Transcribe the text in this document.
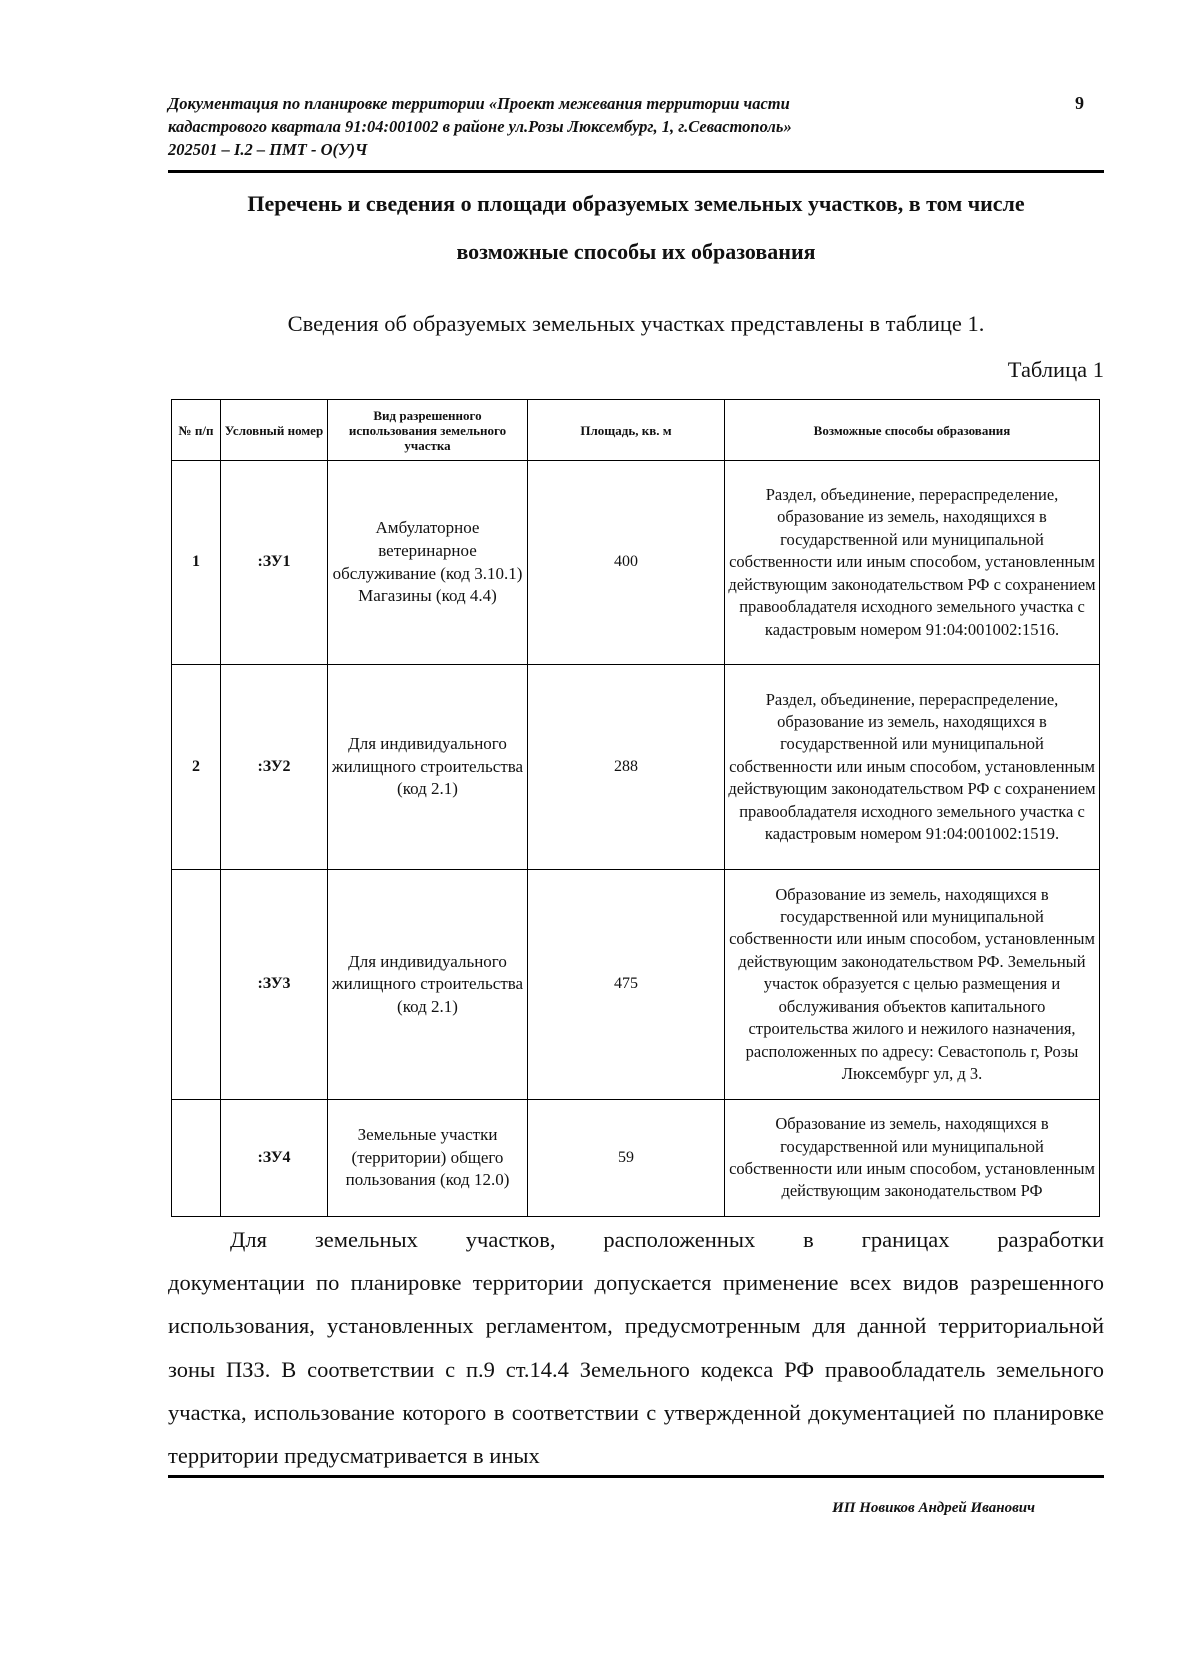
Документация по планировке территории «Проект межевания территории части
кадастрового квартала 91:04:001002 в районе ул.Розы Люксембург, 1, г.Севастополь»
202501 – I.2 – ПМТ - О(У)Ч
9
Перечень и сведения о площади образуемых земельных участков, в том числе
возможные способы их образования
Сведения об образуемых земельных участках представлены в таблице 1.
Таблица 1
№ п/п	Условный номер	Вид разрешенного использования земельного участка	Площадь, кв. м	Возможные способы образования
1	:ЗУ1	Амбулаторное ветеринарное обслуживание (код 3.10.1) Магазины (код 4.4)	400	Раздел, объединение, перераспределение, образование из земель, находящихся в государственной или муниципальной собственности или иным способом, установленным действующим законодательством РФ с сохранением правообладателя исходного земельного участка с кадастровым номером 91:04:001002:1516.
2	:ЗУ2	Для индивидуального жилищного строительства (код 2.1)	288	Раздел, объединение, перераспределение, образование из земель, находящихся в государственной или муниципальной собственности или иным способом, установленным действующим законодательством РФ с сохранением правообладателя исходного земельного участка с кадастровым номером 91:04:001002:1519.
	:ЗУ3	Для индивидуального жилищного строительства (код 2.1)	475	Образование из земель, находящихся в государственной или муниципальной собственности или иным способом, установленным действующим законодательством РФ. Земельный участок образуется с целью размещения и обслуживания объектов капитального строительства жилого и нежилого назначения, расположенных по адресу: Севастополь г, Розы Люксембург ул, д 3.
	:ЗУ4	Земельные участки (территории) общего пользования (код 12.0)	59	Образование из земель, находящихся в государственной или муниципальной собственности или иным способом, установленным действующим законодательством РФ
Для земельных участков, расположенных в границах разработки
документации по планировке территории допускается применение всех видов разрешенного использования, установленных регламентом, предусмотренным для данной территориальной зоны ПЗЗ. В соответствии с п.9 ст.14.4 Земельного кодекса РФ правообладатель земельного участка, использование которого в соответствии с утвержденной документацией по планировке территории предусматривается в иных
ИП Новиков Андрей Иванович
